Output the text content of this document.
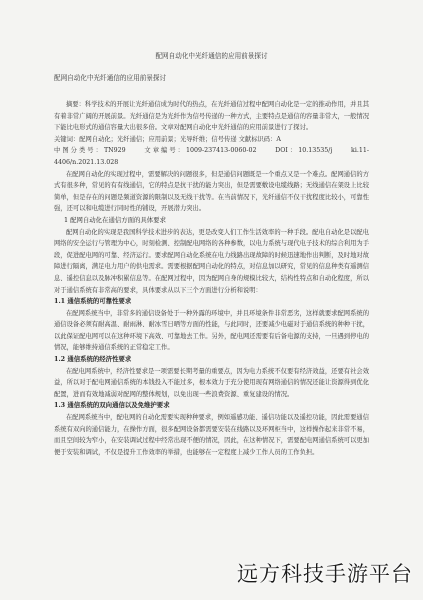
配网自动化中光纤通信的应用前景探讨
配网自动化中光纤通信的应用前景探讨

摘要：科学技术的开展让光纤通信成为时代的热点，在光纤通信过程中配网自动化是一定的推动作用，并且其有着非常广阔的开展前景。光纤通信是为光纤作为信号传递的一种方式，主要特点是通信的容量非常大，一般情况下能比电形式的通信容量大出很多倍。文章对配网自动化中光纤通信的应用前景进行了探讨。

关键词：配网自动化；光纤通信；应用前景；光导纤维；信号传递 文献标识码：A

中图分类号：TN929　　文章编号：1009-237413-0060-02　　DOI：10.13535/j　　ki.11-4406/n.2021.13.028

在配网自动化的实现过程中，需要解决的问题很多，但是通信问题既是一个重点又是一个难点。配网通信的方式有很多种，常见的有有线通信，它的特点是抗干扰的能力突出，但是需要敷设电缆线路；无线通信在架设上比较简单，但是存在的问题是频道资源的限制以及无线干扰等。在当前情况下，光纤通信不仅干扰程度比较小，可靠性强，还可以和电缆进行同时性的铺设，开展潜力突出。

1 配网自动化在通信方面的具体要求

配网自动化的实现是我国科学技术进步的表达，更是改变人们工作生活效率的一种手段。配电自动化是以配电网络的安全运行与管理为中心，时刻检测、控制配电网络的各种参数，以电力系统与现代电子技术的综合利用为手段，促进配电网的可靠、经济运行。要求配网自动化系统在电力线路出现故障的时候迅速地作出判断，及时地对故障进行隔离，满足电力用户的供电需求。需要根据配网自动化的特点，对信息加以研究，常见的信息种类有遥测信息、遥控信息以及脉冲积累信息等。在配网过程中，因为配网自身的规模比较大，结构性特点和自动化程度，所以对于通信系统有非常高的要求，具体要求从以下三个方面进行分析和说明：

1.1 通信系统的可靠性要求

在配网系统当中，非常多的通信设备处于一种外露的环境中，并且环境条件非常恶劣，这样就要求配网系统的通信设备必须有耐高温、耐雨淋、耐冰雪日晒等方面的性能，与此同时，还要减少电磁对于通信系统的种种干扰，以此保证配电网可以在这种环境下高效、可靠地去工作。另外，配电网还需要有后备电源的支持，一旦遇到停电的情况，能够维持通信系统的正常稳定工作。

1.2 通信系统的经济性要求

在配电网系统中，经济性要求是一项需要长期考量的重要点，因为电力系统不仅要有经济效益，还要有社会效益，所以对于配电网通信系统的本钱投入不能过多，根本效力于充分使用现有网络通信的情况还能让资源得到优化配置，进而有效地减弱对配网的整体规划，以免出现一些浪费资源、重复建设的情况。

1.3 通信系统的双向通信以及免维护要求

在配网系统当中，配电网的自动化需要实现种种要求，例如遥感功能、遥信功能以及遥控功能，因此需要通信系统有双向的通信能力，在操作方面，很多配网设备都需要安装在线路以及环网柜当中，这样操作起来非常不易，而且空间较为窄小，在安装调试过程中经常出现不便的情况，因此，在这种情况下，需要配电网通信系统可以更加便于安装和调试，不仅是提升工作效率的举措，也能够在一定程度上减少工作人员的工作负担。

远方科技手游平台
